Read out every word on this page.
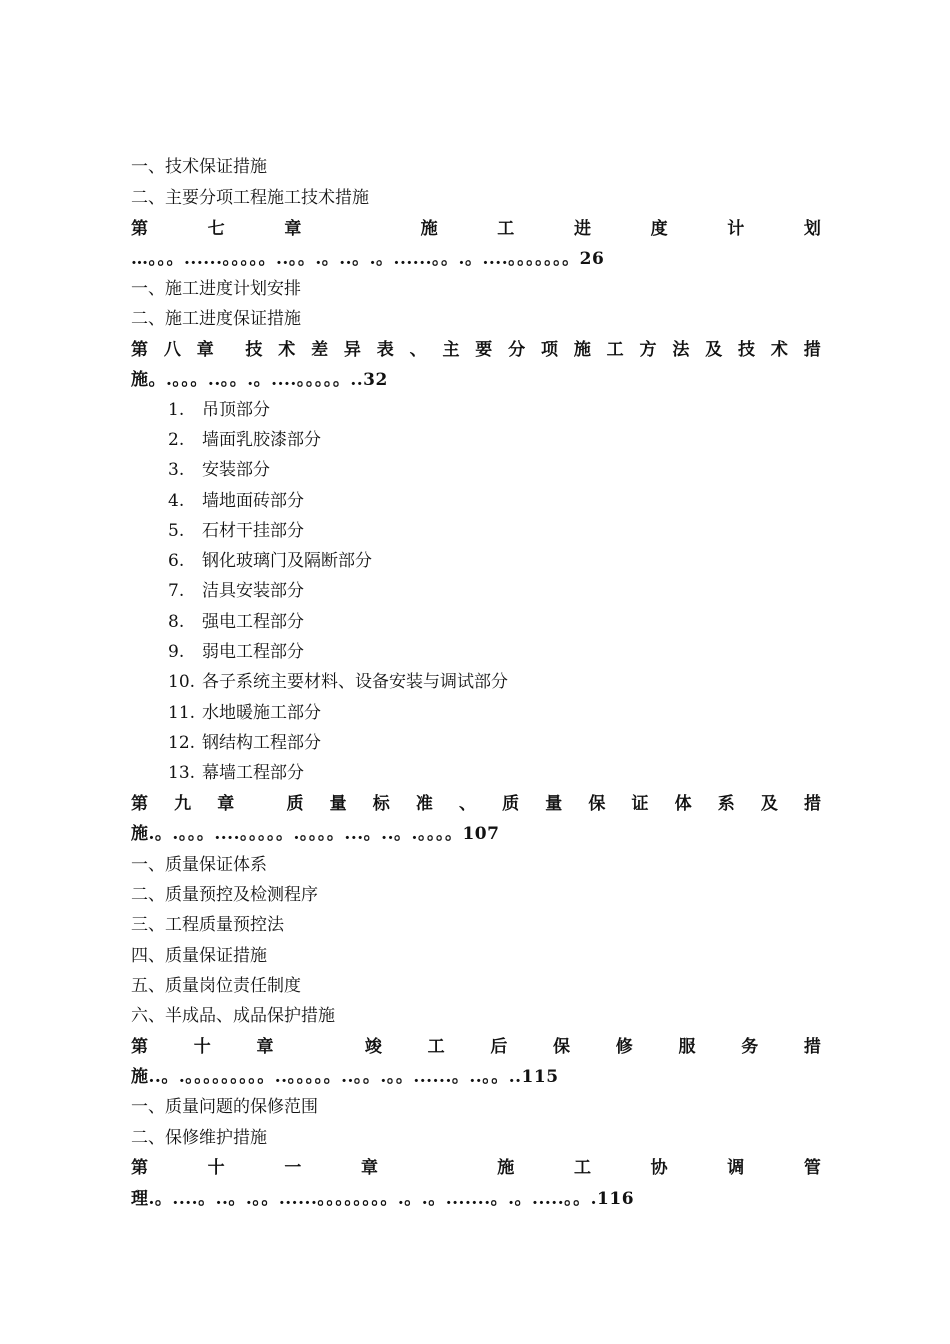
一、技术保证措施
二、主要分项工程施工技术措施
第	七	章	施	工	进	度	计	划
…。。。......。。。。。..。。.。..。.。......。。.。....。。。。。。。26
一、施工进度计划安排
二、施工进度保证措施
第 八 章 技 术 差 异 表 、 主 要 分 项 施 工 方 法 及 技 术 措
施。.。。。..。。.。....。。。。。..32
1. 吊顶部分
2. 墙面乳胶漆部分
3. 安装部分
4. 墙地面砖部分
5. 石材干挂部分
6. 钢化玻璃门及隔断部分
7. 洁具安装部分
8. 强电工程部分
9. 弱电工程部分
10. 各子系统主要材料、设备安装与调试部分
11. 水地暖施工部分
12. 钢结构工程部分
13. 幕墙工程部分
第 九 章	质 量 标 准 、 质 量 保 证 体 系 及 措
施.。.。。。....。。。。。.。。。。...。..。.。。。。107
一、质量保证体系
二、质量预控及检测程序
三、工程质量预控法
四、质量保证措施
五、质量岗位责任制度
六、半成品、成品保护措施
第	十	章	竣	工	后	保	修	服	务	措
施..。.。。。。。。。。。..。。。。。..。。.。。......。..。。..115
一、质量问题的保修范围
二、保修维护措施
第	十	一	章	施	工	协	调	管
理.。....。..。.。。......。。。。。。。。.。.。.......。.。.....。。.116
